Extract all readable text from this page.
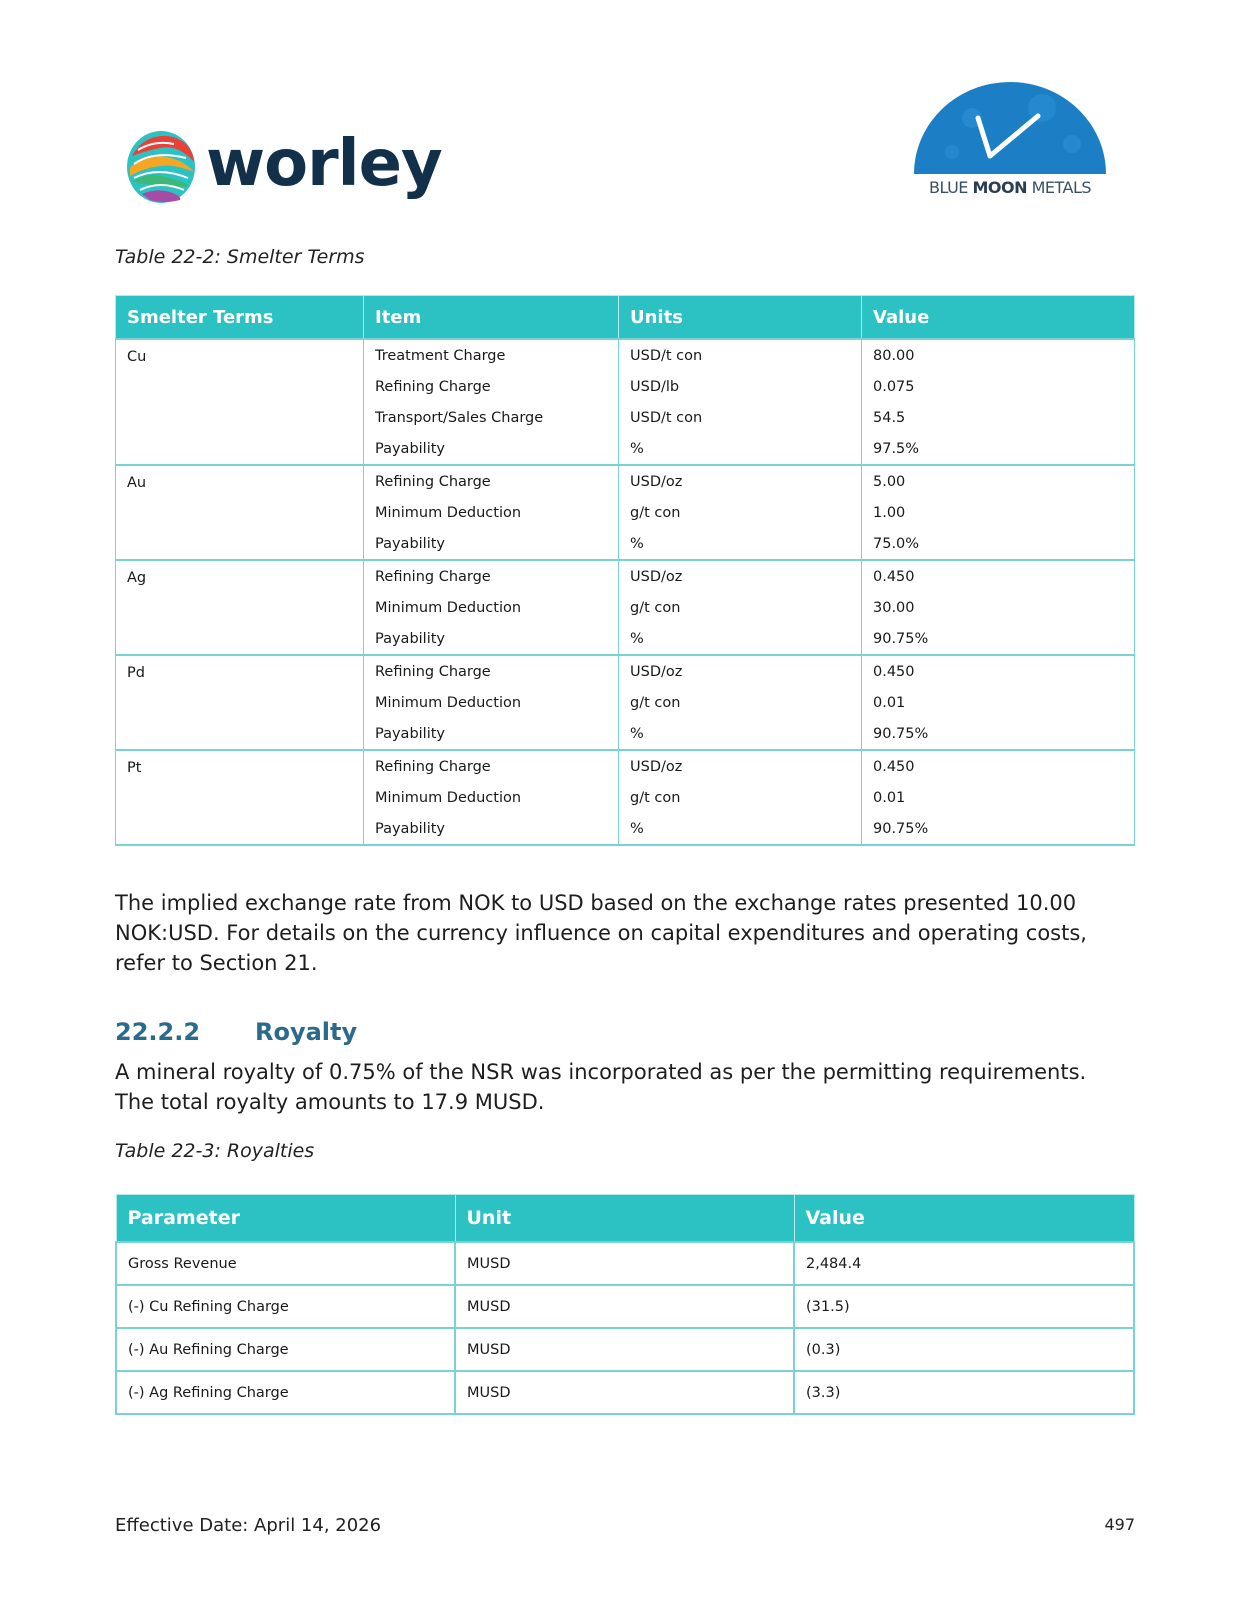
worley	BLUE MOON METALS
Table 22-2: Smelter Terms
Smelter Terms	Item	Units	Value
Cu	Treatment Charge	USD/t con	80.00
	Refining Charge	USD/lb	0.075
	Transport/Sales Charge	USD/t con	54.5
	Payability	%	97.5%
Au	Refining Charge	USD/oz	5.00
	Minimum Deduction	g/t con	1.00
	Payability	%	75.0%
Ag	Refining Charge	USD/oz	0.450
	Minimum Deduction	g/t con	30.00
	Payability	%	90.75%
Pd	Refining Charge	USD/oz	0.450
	Minimum Deduction	g/t con	0.01
	Payability	%	90.75%
Pt	Refining Charge	USD/oz	0.450
	Minimum Deduction	g/t con	0.01
	Payability	%	90.75%
The implied exchange rate from NOK to USD based on the exchange rates presented 10.00 NOK:USD. For details on the currency influence on capital expenditures and operating costs, refer to Section 21.
22.2.2	Royalty
A mineral royalty of 0.75% of the NSR was incorporated as per the permitting requirements. The total royalty amounts to 17.9 MUSD.
Table 22-3: Royalties
Parameter	Unit	Value
Gross Revenue	MUSD	2,484.4
(-) Cu Refining Charge	MUSD	(31.5)
(-) Au Refining Charge	MUSD	(0.3)
(-) Ag Refining Charge	MUSD	(3.3)
Effective Date: April 14, 2026	497
